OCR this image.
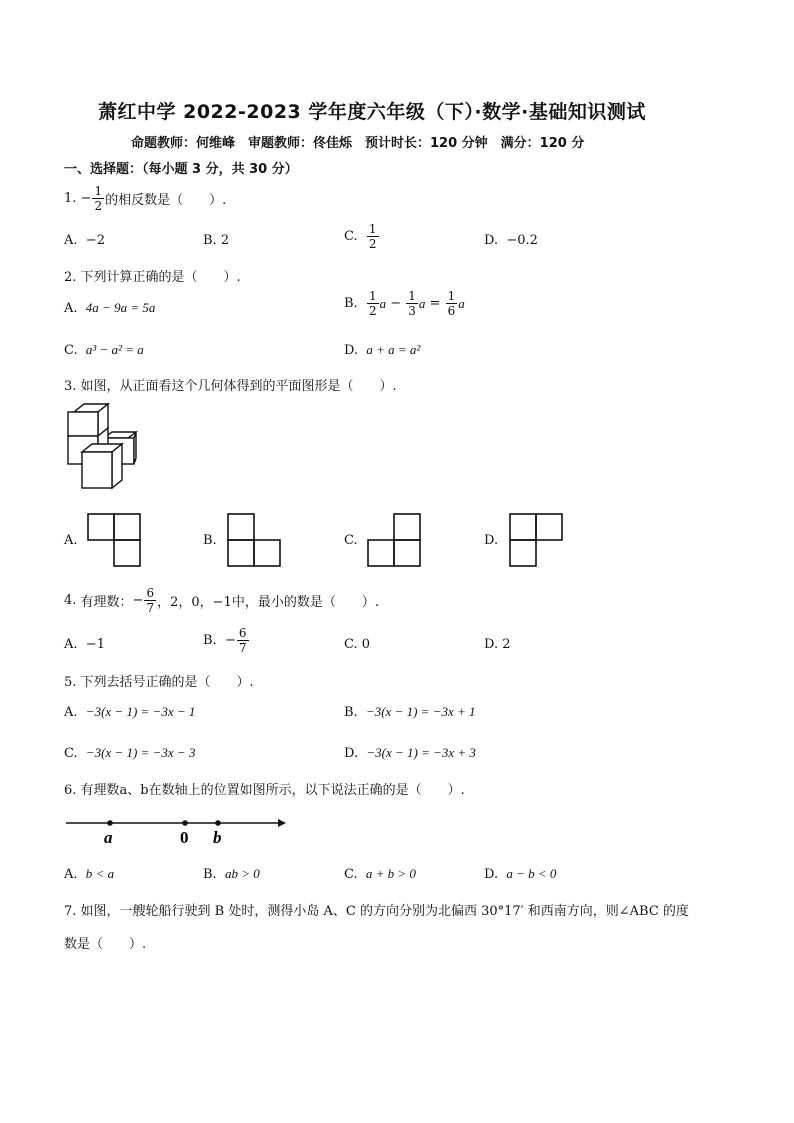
萧红中学 2022-2023 学年度六年级（下）·数学·基础知识测试
命题教师：何维峰　审题教师：佟佳烁　预计时长：120 分钟　满分：120 分
一、选择题：（每小题 3 分，共 30 分）
1.
− $\frac{1}{2}$ 的相反数是（　　）.
A. −2	B. 2	C.
$\frac{1}{2}$	D. −0.2
2. 下列计算正确的是（　　）.
A. 4a − 9a = 5a	B.
$\frac{1}{2}$ $a - \frac{1}{3}$ $a = \frac{1}{6}$ a
C. a³ − a² = a	D. a + a = a²
3. 如图，从正面看这个几何体得到的平面图形是（　　）.
A.	B.	C.	D.
4.
有理数： − $\frac{6}{7}$ ，2，0，−1中，最小的数是（　　）.
A. −1	B. − $\frac{6}{7}$	C. 0	D. 2
5. 下列去括号正确的是（　　）.
A. −3(x − 1) = −3x − 1	B. −3(x − 1) = −3x + 1
C. −3(x − 1) = −3x − 3	D. −3(x − 1) = −3x + 3
6. 有理数a、b在数轴上的位置如图所示，以下说法正确的是（　　）.
a	0 b
A. b < a	B. ab > 0	C. a + b > 0	D. a − b < 0
7. 如图，一艘轮船行驶到 B 处时，测得小岛 A、C 的方向分别为北偏西 30°17′ 和西南方向，则∠ABC 的度
数是（　　）.
